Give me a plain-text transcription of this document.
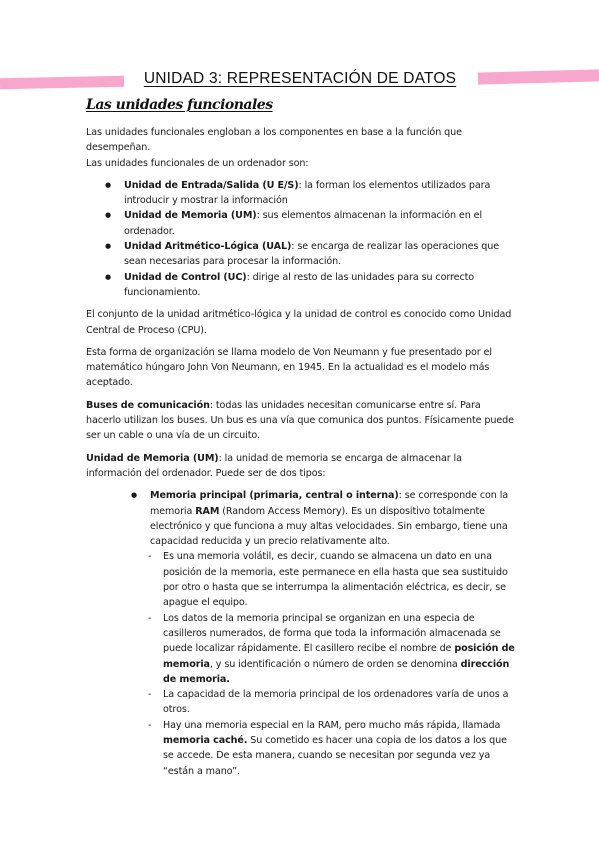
UNIDAD 3: REPRESENTACIÓN DE DATOS
Las unidades funcionales

Las unidades funcionales engloban a los componentes en base a la función que desempeñan.
Las unidades funcionales de un ordenador son:

● Unidad de Entrada/Salida (U E/S): la forman los elementos utilizados para introducir y mostrar la información
● Unidad de Memoria (UM): sus elementos almacenan la información en el ordenador.
● Unidad Aritmético-Lógica (UAL): se encarga de realizar las operaciones que sean necesarias para procesar la información.
● Unidad de Control (UC): dirige al resto de las unidades para su correcto funcionamiento.

El conjunto de la unidad aritmético-lógica y la unidad de control es conocido como Unidad Central de Proceso (CPU).

Esta forma de organización se llama modelo de Von Neumann y fue presentado por el matemático húngaro John Von Neumann, en 1945. En la actualidad es el modelo más aceptado.

Buses de comunicación: todas las unidades necesitan comunicarse entre sí. Para hacerlo utilizan los buses. Un bus es una vía que comunica dos puntos. Físicamente puede ser un cable o una vía de un circuito.

Unidad de Memoria (UM): la unidad de memoria se encarga de almacenar la información del ordenador. Puede ser de dos tipos:

● Memoria principal (primaria, central o interna): se corresponde con la memoria RAM (Random Access Memory). Es un dispositivo totalmente electrónico y que funciona a muy altas velocidades. Sin embargo, tiene una capacidad reducida y un precio relativamente alto.
- Es una memoria volátil, es decir, cuando se almacena un dato en una posición de la memoria, este permanece en ella hasta que sea sustituido por otro o hasta que se interrumpa la alimentación eléctrica, es decir, se apague el equipo.
- Los datos de la memoria principal se organizan en una especia de casilleros numerados, de forma que toda la información almacenada se puede localizar rápidamente. El casillero recibe el nombre de posición de memoria, y su identificación o número de orden se denomina dirección de memoria.
- La capacidad de la memoria principal de los ordenadores varía de unos a otros.
- Hay una memoria especial en la RAM, pero mucho más rápida, llamada memoria caché. Su cometido es hacer una copia de los datos a los que se accede. De esta manera, cuando se necesitan por segunda vez ya “están a mano”.
